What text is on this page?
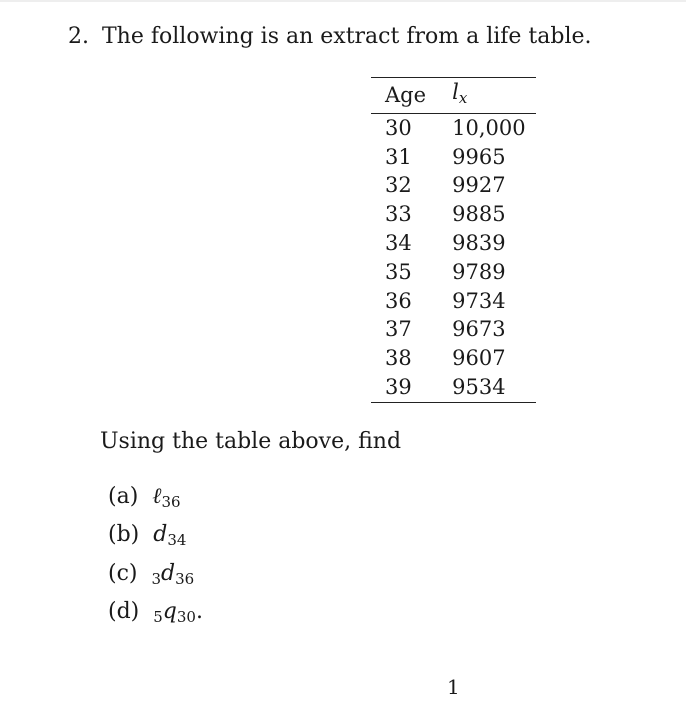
2. The following is an extract from a life table.
Age	$l_x$
30	10,000
31	9965
32	9927
33	9885
34	9839
35	9789
36	9734
37	9673
38	9607
39	9534
Using the table above, find
(a) ℓ$_{36}$
(b) $d_{34}$
(c) $3d_{36}$
(d) $5q_{30}$.
1
